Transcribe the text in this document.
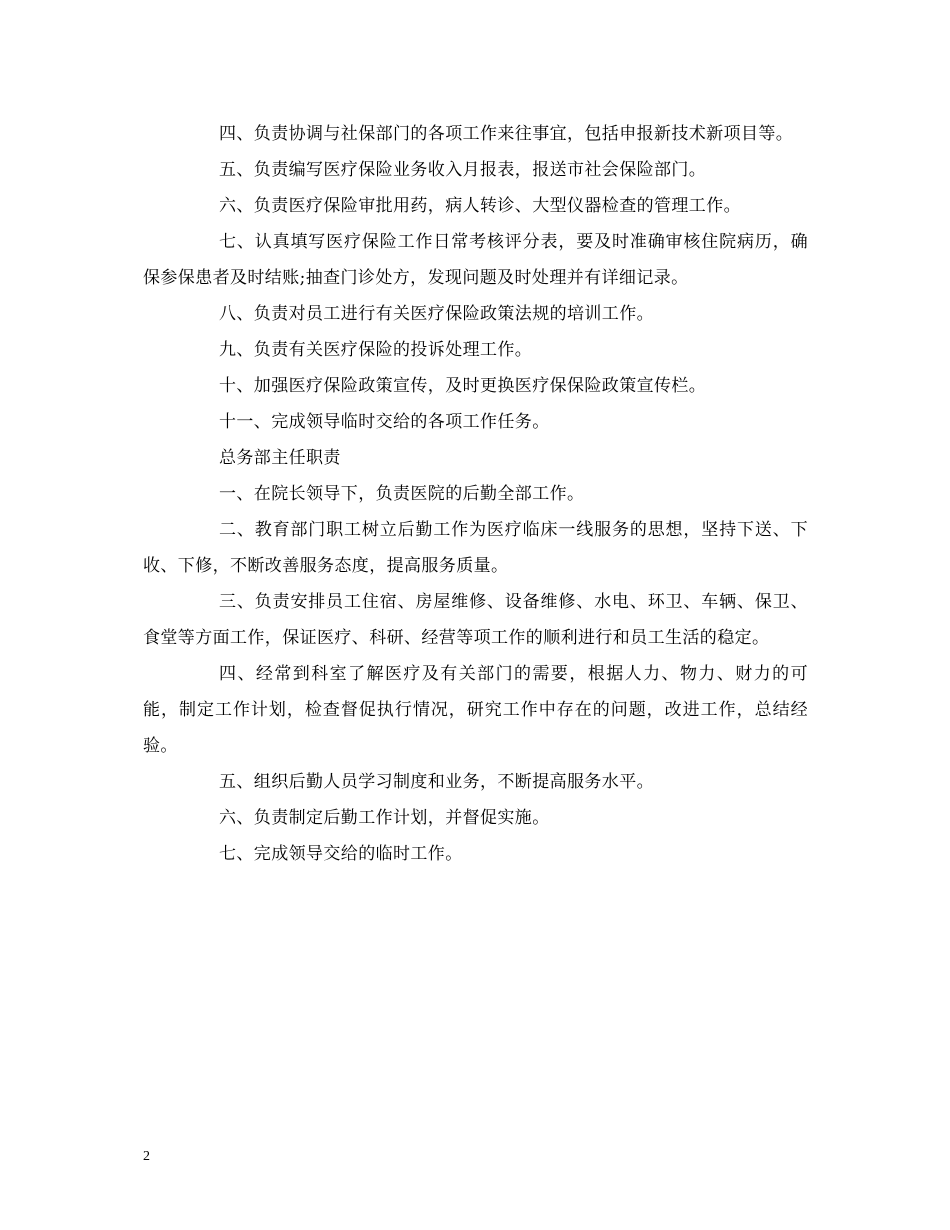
四、负责协调与社保部门的各项工作来往事宜，包括申报新技术新项目等。

五、负责编写医疗保险业务收入月报表，报送市社会保险部门。

六、负责医疗保险审批用药，病人转诊、大型仪器检查的管理工作。

七、认真填写医疗保险工作日常考核评分表，要及时准确审核住院病历，确保参保患者及时结账;抽查门诊处方，发现问题及时处理并有详细记录。

八、负责对员工进行有关医疗保险政策法规的培训工作。

九、负责有关医疗保险的投诉处理工作。

十、加强医疗保险政策宣传，及时更换医疗保保险政策宣传栏。

十一、完成领导临时交给的各项工作任务。

总务部主任职责

一、在院长领导下，负责医院的后勤全部工作。

二、教育部门职工树立后勤工作为医疗临床一线服务的思想，坚持下送、下收、下修，不断改善服务态度，提高服务质量。

三、负责安排员工住宿、房屋维修、设备维修、水电、环卫、车辆、保卫、食堂等方面工作，保证医疗、科研、经营等项工作的顺利进行和员工生活的稳定。

四、经常到科室了解医疗及有关部门的需要，根据人力、物力、财力的可能，制定工作计划，检查督促执行情况，研究工作中存在的问题，改进工作，总结经验。

五、组织后勤人员学习制度和业务，不断提高服务水平。

六、负责制定后勤工作计划，并督促实施。

七、完成领导交给的临时工作。

2
